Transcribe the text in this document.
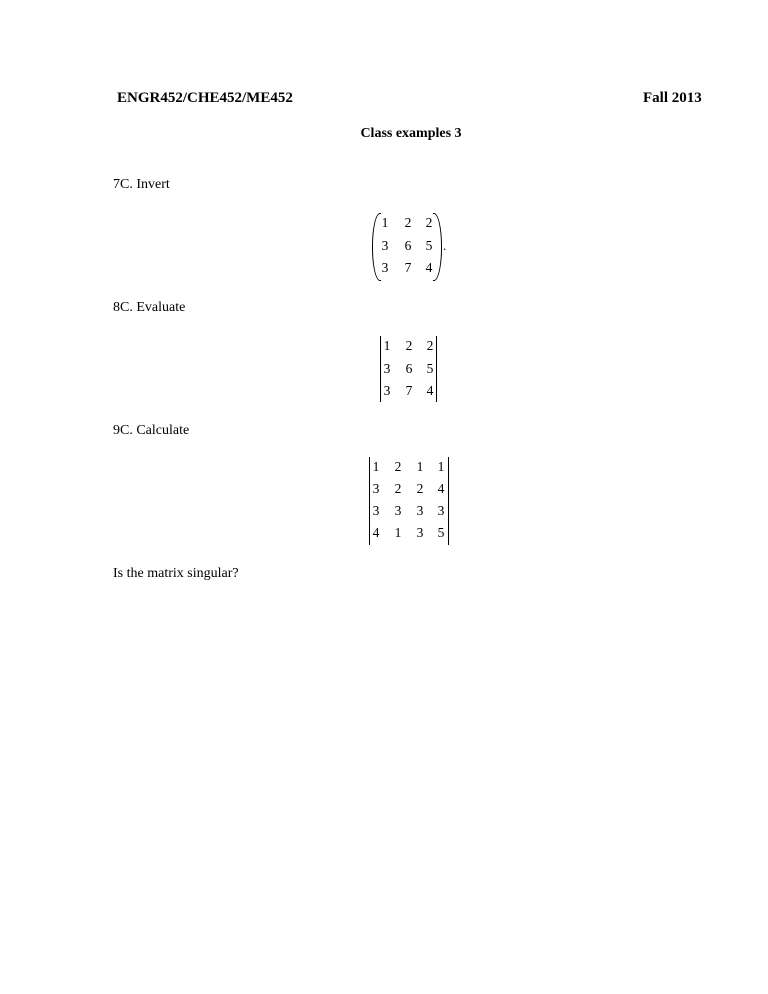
ENGR452/CHE452/ME452	Fall 2013
Class examples 3
7C. Invert
1 2 2
3 6 5
3 7 4
.
8C. Evaluate
1 2 2
3 6 5
3 7 4
9C. Calculate
1 2 1 1
3 2 2 4
3 3 3 3
4 1 3 5
Is the matrix singular?
